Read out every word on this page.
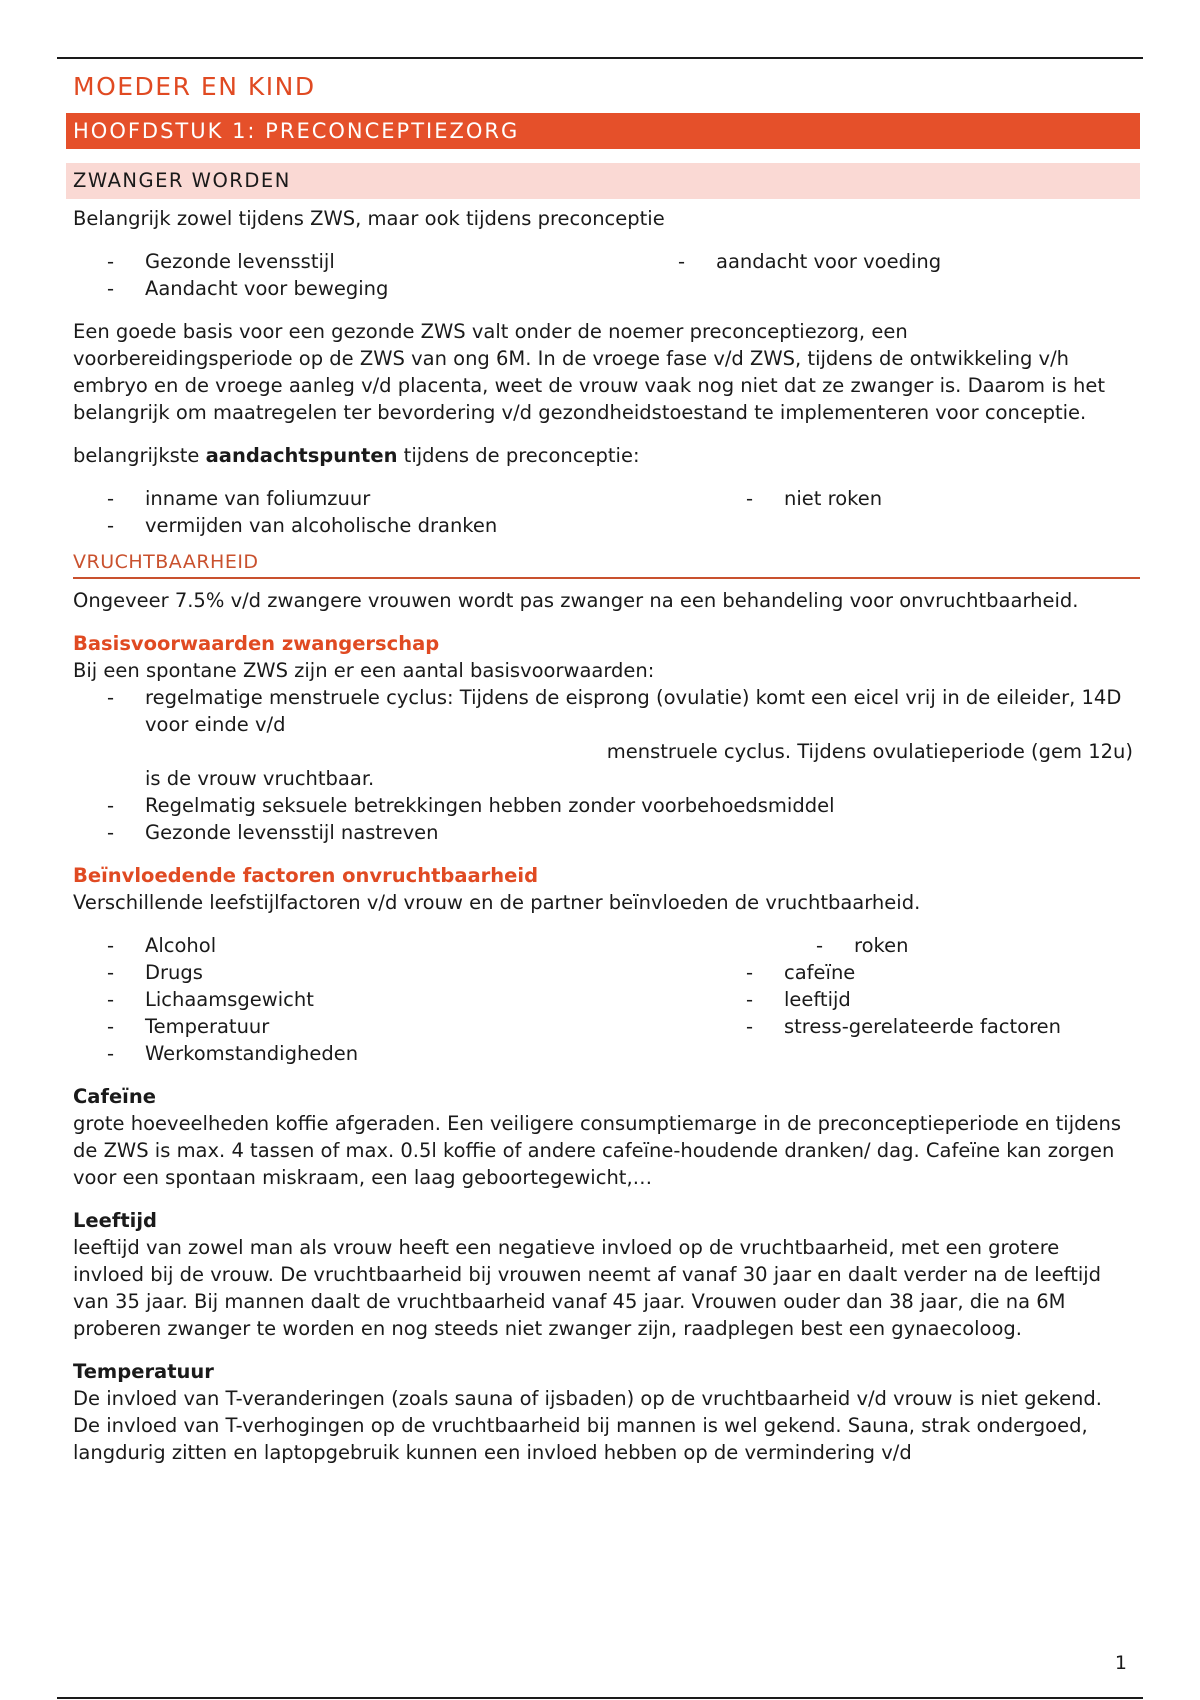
MOEDER EN KIND
HOOFDSTUK 1: PRECONCEPTIEZORG
ZWANGER WORDEN

Belangrijk zowel tijdens ZWS, maar ook tijdens preconceptie

-	Gezonde levensstijl
-	Aandacht voor beweging
-	aandacht voor voeding

Een goede basis voor een gezonde ZWS valt onder de noemer preconceptiezorg, een voorbereidingsperiode op de ZWS van ong 6M. In de vroege fase v/d ZWS, tijdens de ontwikkeling v/h embryo en de vroege aanleg v/d placenta, weet de vrouw vaak nog niet dat ze zwanger is. Daarom is het belangrijk om maatregelen ter bevordering v/d gezondheidstoestand te implementeren voor conceptie.

belangrijkste aandachtspunten tijdens de preconceptie:

-	inname van foliumzuur
-	vermijden van alcoholische dranken
-	niet roken
VRUCHTBAARHEID

Ongeveer 7.5% v/d zwangere vrouwen wordt pas zwanger na een behandeling voor onvruchtbaarheid.

Basisvoorwaarden zwangerschap

Bij een spontane ZWS zijn er een aantal basisvoorwaarden:

-	regelmatige menstruele cyclus: Tijdens de eisprong (ovulatie) komt een eicel vrij in de eileider, 14D voor einde v/d
menstruele cyclus. Tijdens ovulatieperiode (gem 12u)
is de vrouw vruchtbaar.
-	Regelmatig seksuele betrekkingen hebben zonder voorbehoedsmiddel
-	Gezonde levensstijl nastreven
Beïnvloedende factoren onvruchtbaarheid

Verschillende leefstijlfactoren v/d vrouw en de partner beïnvloeden de vruchtbaarheid.

-	Alcohol
-	Drugs
-	Lichaamsgewicht
-	Temperatuur
-	Werkomstandigheden
-	roken
-	cafeïne
-	leeftijd
-	stress-gerelateerde factoren
Cafeïne

grote hoeveelheden koffie afgeraden. Een veiligere consumptiemarge in de preconceptieperiode en tijdens de ZWS is max. 4 tassen of max. 0.5l koffie of andere cafeïne-houdende dranken/ dag. Cafeïne kan zorgen voor een spontaan miskraam, een laag geboortegewicht,…

Leeftijd

leeftijd van zowel man als vrouw heeft een negatieve invloed op de vruchtbaarheid, met een grotere invloed bij de vrouw. De vruchtbaarheid bij vrouwen neemt af vanaf 30 jaar en daalt verder na de leeftijd van 35 jaar. Bij mannen daalt de vruchtbaarheid vanaf 45 jaar. Vrouwen ouder dan 38 jaar, die na 6M proberen zwanger te worden en nog steeds niet zwanger zijn, raadplegen best een gynaecoloog.

Temperatuur

De invloed van T-veranderingen (zoals sauna of ijsbaden) op de vruchtbaarheid v/d vrouw is niet gekend. De invloed van T-verhogingen op de vruchtbaarheid bij mannen is wel gekend. Sauna, strak ondergoed, langdurig zitten en laptopgebruik kunnen een invloed hebben op de vermindering v/d

1
